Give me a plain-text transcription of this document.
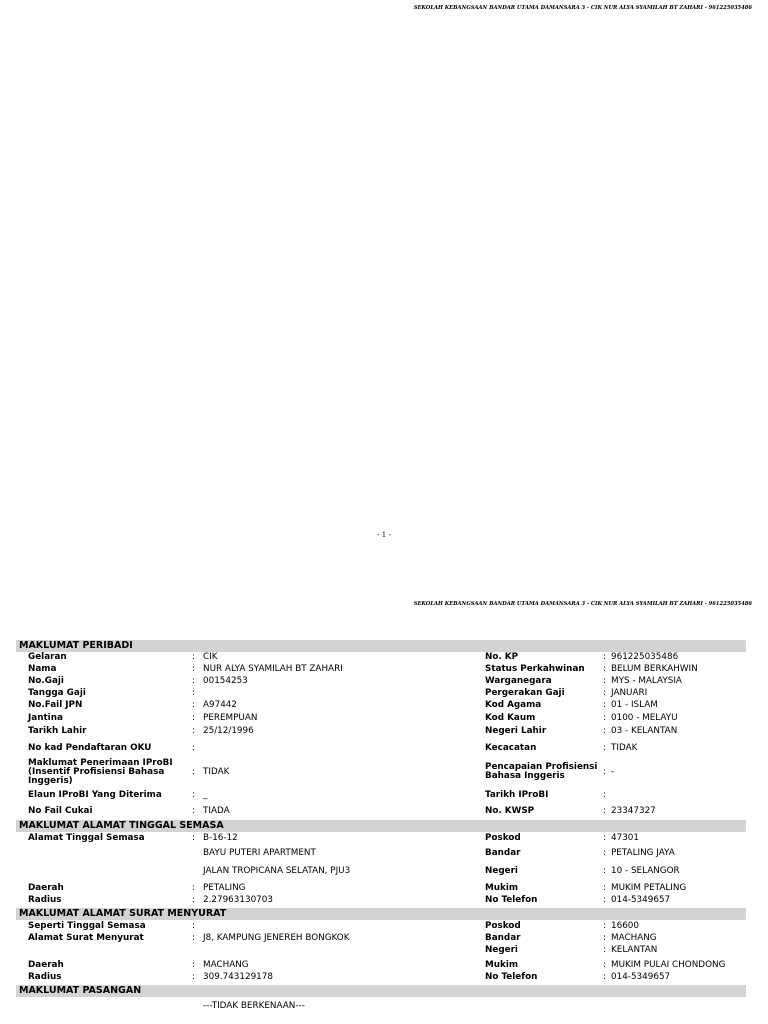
SEKOLAH KEBANGSAAN BANDAR UTAMA DAMANSARA 3 - CIK NUR ALYA SYAMILAH BT ZAHARI - 961225035486
- 1 -
SEKOLAH KEBANGSAAN BANDAR UTAMA DAMANSARA 3 - CIK NUR ALYA SYAMILAH BT ZAHARI - 961225035486
MAKLUMAT PERIBADI
Gelaran	: CIK	No. KP	: 961225035486
Nama	: NUR ALYA SYAMILAH BT ZAHARI	Status Perkahwinan : BELUM BERKAHWIN
No.Gaji	: 00154253	Warganegara	: MYS - MALAYSIA
Tangga Gaji	:	Pergerakan Gaji	: JANUARI
No.Fail JPN	: A97442	Kod Agama	: 01 - ISLAM
Jantina	: PEREMPUAN	Kod Kaum	: 0100 - MELAYU
Tarikh Lahir	: 25/12/1996	Negeri Lahir	: 03 - KELANTAN
No kad Pendaftaran OKU	:	Kecacatan	: TIDAK
Maklumat Penerimaan IProBI (Insentif Profisiensi Bahasa Inggeris)
: TIDAK	Pencapaian Profisiensi Bahasa Inggeris	: -
Elaun IProBI Yang Diterima	: _	Tarikh IProBI	:
No Fail Cukai	: TIADA	No. KWSP	: 23347327
MAKLUMAT ALAMAT TINGGAL SEMASA
Alamat Tinggal Semasa	: B-16-12	Poskod	: 47301
BAYU PUTERI APARTMENT	Bandar	: PETALING JAYA
JALAN TROPICANA SELATAN, PJU3	Negeri	: 10 - SELANGOR
Daerah	: PETALING	Mukim	: MUKIM PETALING
Radius	: 2.27963130703	No Telefon	: 014-5349657
MAKLUMAT ALAMAT SURAT MENYURAT
Seperti Tinggal Semasa	:	Poskod	: 16600
Alamat Surat Menyurat	: J8, KAMPUNG JENEREH BONGKOK	Bandar	: MACHANG
Negeri	: KELANTAN
Daerah	: MACHANG	Mukim	: MUKIM PULAI CHONDONG
Radius	: 309.743129178	No Telefon	: 014-5349657
MAKLUMAT PASANGAN
---TIDAK BERKENAAN---
